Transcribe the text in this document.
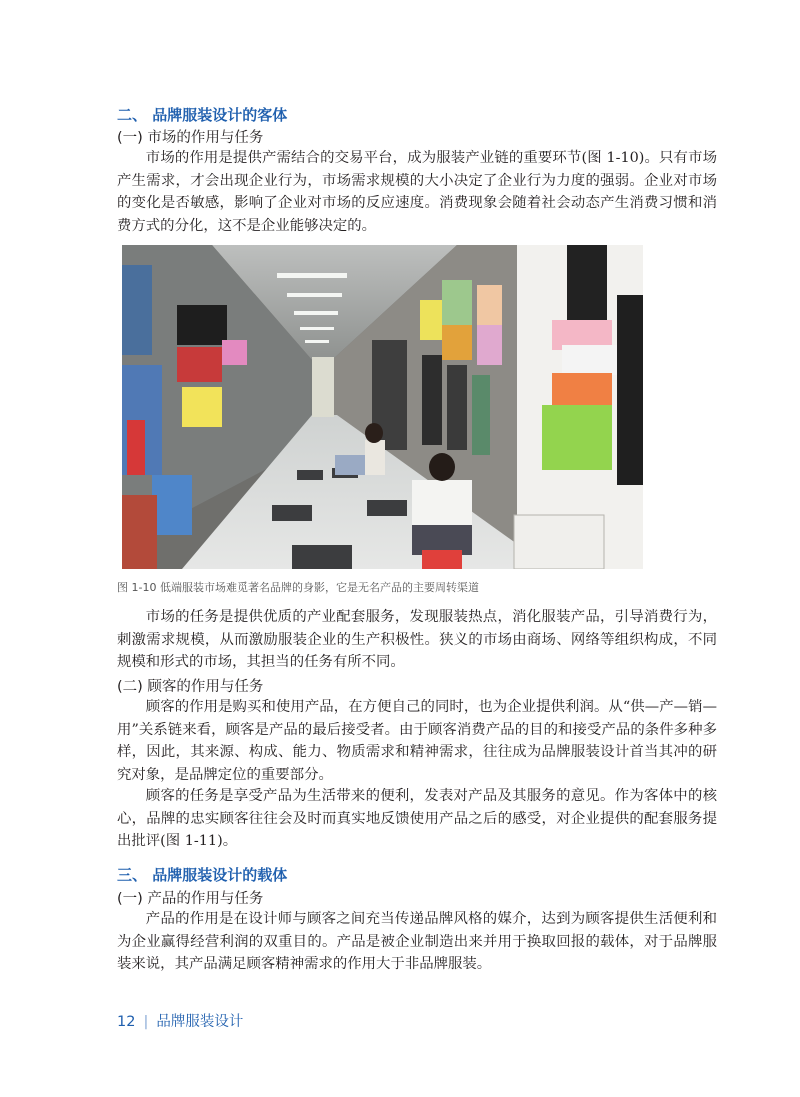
二、 品牌服装设计的客体
(一) 市场的作用与任务

市场的作用是提供产需结合的交易平台，成为服装产业链的重要环节(图 1-10)。只有市场产生需求，才会出现企业行为，市场需求规模的大小决定了企业行为力度的强弱。企业对市场的变化是否敏感，影响了企业对市场的反应速度。消费现象会随着社会动态产生消费习惯和消费方式的分化，这不是企业能够决定的。

图 1-10 低端服装市场难觅著名品牌的身影，它是无名产品的主要周转渠道

市场的任务是提供优质的产业配套服务，发现服装热点，消化服装产品，引导消费行为，刺激需求规模，从而激励服装企业的生产积极性。狭义的市场由商场、网络等组织构成，不同规模和形式的市场，其担当的任务有所不同。

(二) 顾客的作用与任务

顾客的作用是购买和使用产品，在方便自己的同时，也为企业提供利润。从“供—产—销—用”关系链来看，顾客是产品的最后接受者。由于顾客消费产品的目的和接受产品的条件多种多样，因此，其来源、构成、能力、物质需求和精神需求，往往成为品牌服装设计首当其冲的研究对象，是品牌定位的重要部分。

顾客的任务是享受产品为生活带来的便利，发表对产品及其服务的意见。作为客体中的核心，品牌的忠实顾客往往会及时而真实地反馈使用产品之后的感受，对企业提供的配套服务提出批评(图 1-11)。

三、 品牌服装设计的载体
(一) 产品的作用与任务

产品的作用是在设计师与顾客之间充当传递品牌风格的媒介，达到为顾客提供生活便利和为企业赢得经营利润的双重目的。产品是被企业制造出来并用于换取回报的载体，对于品牌服装来说，其产品满足顾客精神需求的作用大于非品牌服装。

12 | 品牌服装设计
